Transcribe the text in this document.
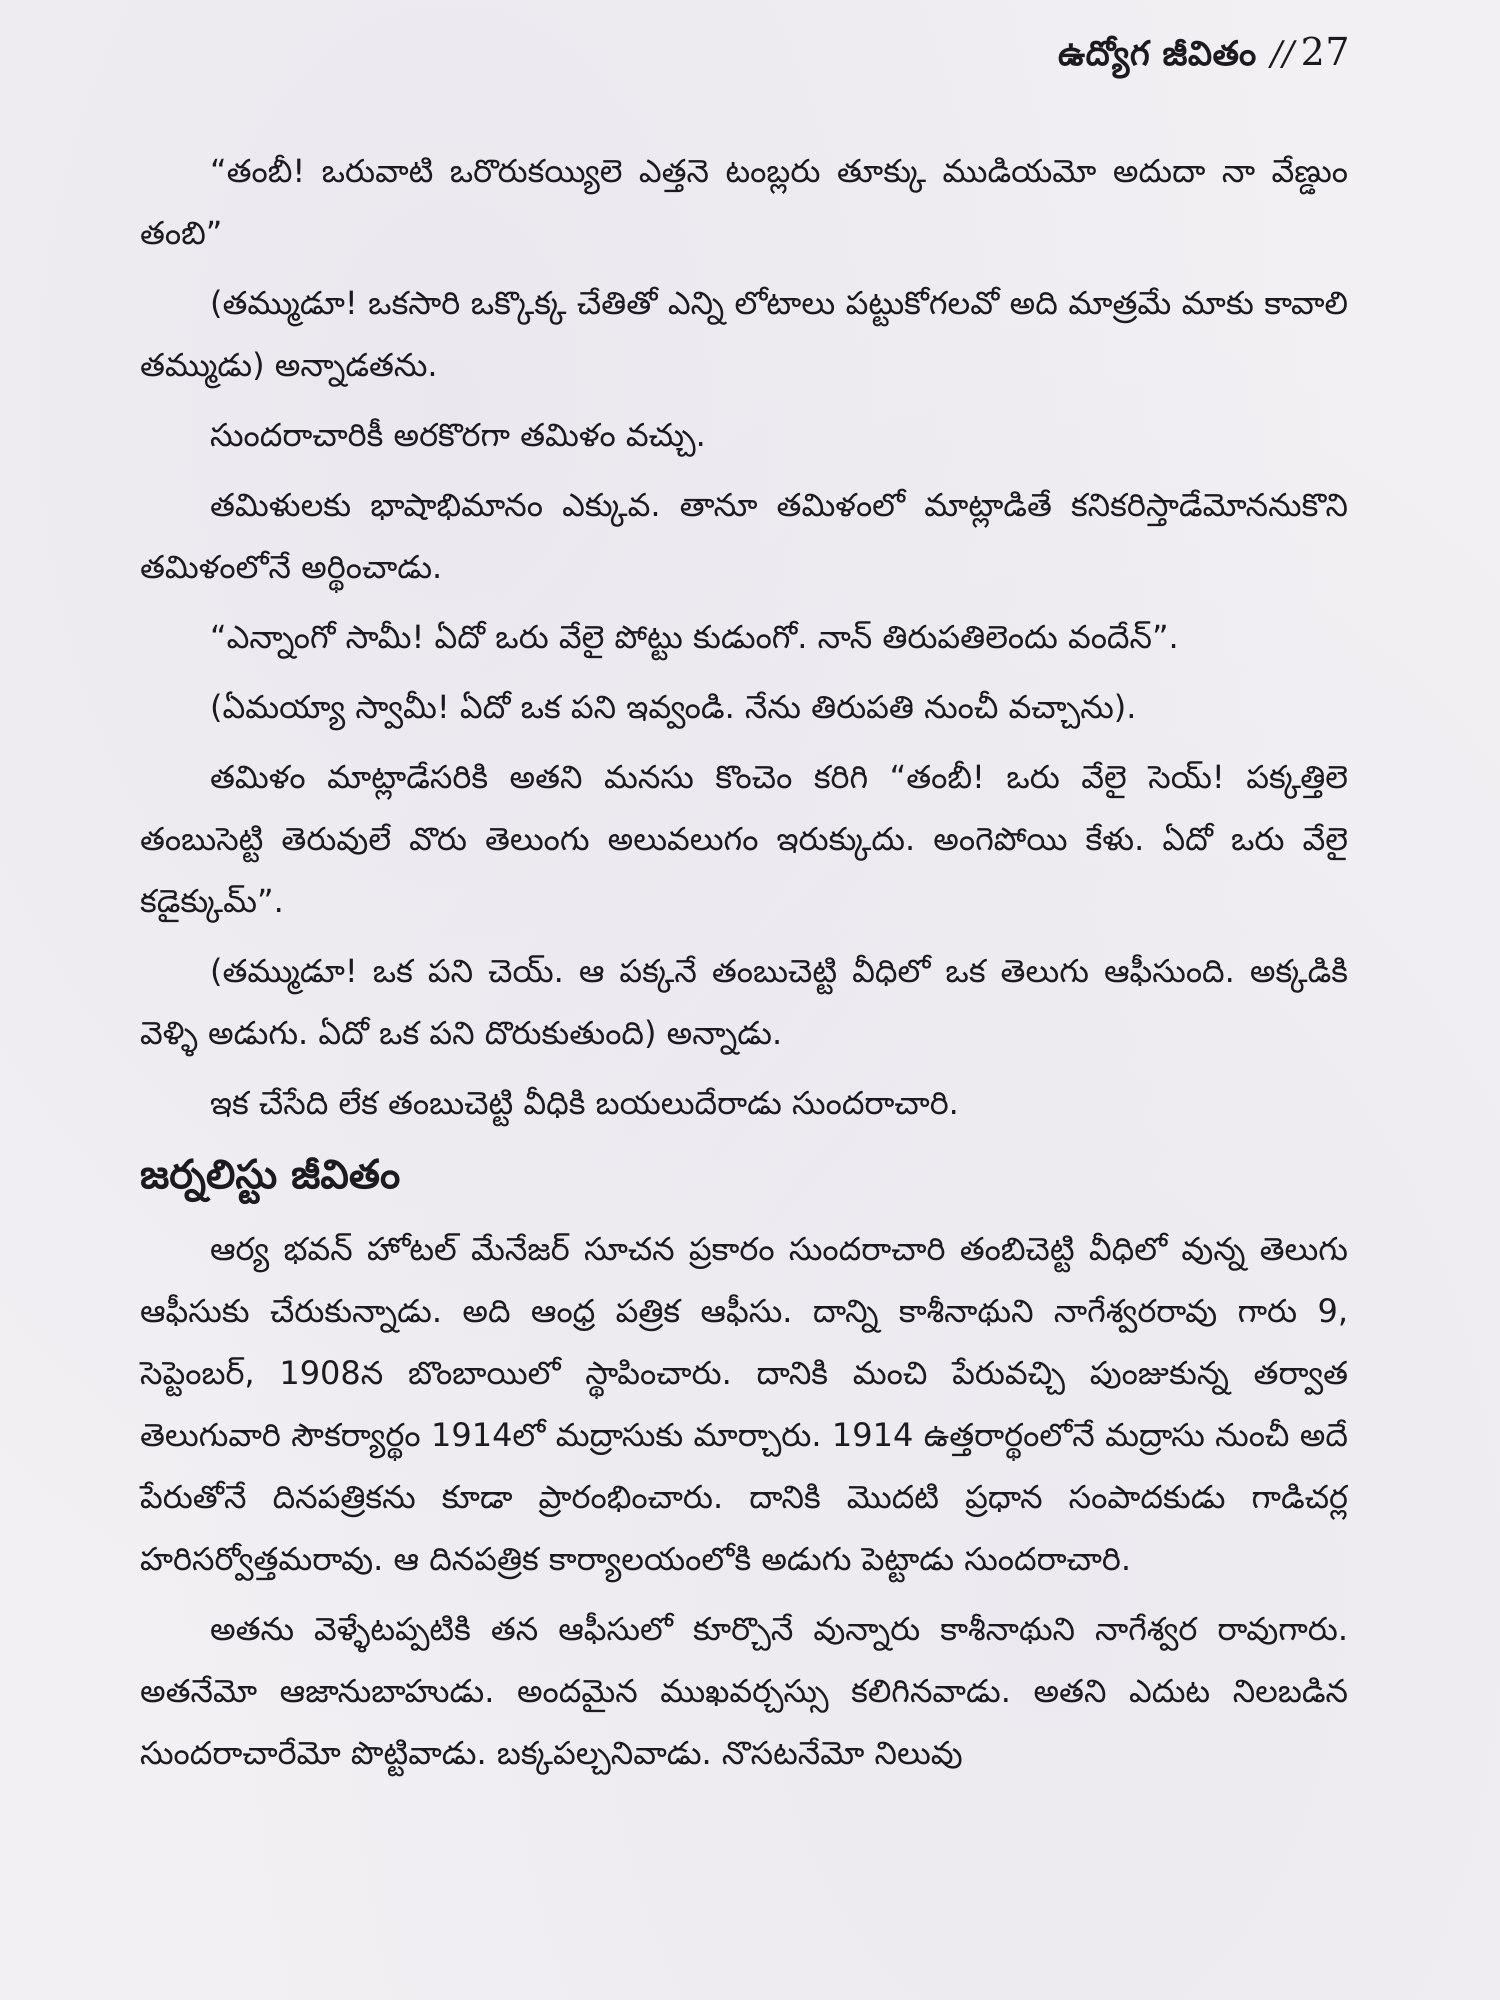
ఉద్యోగ జీవితం // 27

“తంబీ! ఒరువాటి ఒరొరుకయ్యిలె ఎత్తనె టంబ్లరు తూక్కు ముడియమో అదుదా నా వేణ్డుం తంబి”

(తమ్ముడూ! ఒకసారి ఒక్కొక్క చేతితో ఎన్ని లోటాలు పట్టుకోగలవో అది మాత్రమే మాకు కావాలి తమ్ముడు) అన్నాడతను.

సుందరాచారికీ అరకొరగా తమిళం వచ్చు.

తమిళులకు భాషాభిమానం ఎక్కువ. తానూ తమిళంలో మాట్లాడితే కనికరిస్తాడేమోననుకొని తమిళంలోనే అర్థించాడు.

“ఎన్నాంగో సామీ! ఏదో ఒరు వేలై పోట్టు కుడుంగో. నాన్ తిరుపతిలెందు వందేన్”.

(ఏమయ్యా స్వామీ! ఏదో ఒక పని ఇవ్వండి. నేను తిరుపతి నుంచీ వచ్చాను).

తమిళం మాట్లాడేసరికి అతని మనసు కొంచెం కరిగి “తంబీ! ఒరు వేలై సెయ్! పక్కత్తిలె తంబుసెట్టి తెరువులే వొరు తెలుంగు అలువలుగం ఇరుక్కుదు. అంగెపోయి కేళు. ఏదో ఒరు వేలై కడైక్కుమ్”.

(తమ్ముడూ! ఒక పని చెయ్. ఆ పక్కనే తంబుచెట్టి వీధిలో ఒక తెలుగు ఆఫీసుంది. అక్కడికి వెళ్ళి అడుగు. ఏదో ఒక పని దొరుకుతుంది) అన్నాడు.

ఇక చేసేది లేక తంబుచెట్టి వీధికి బయలుదేరాడు సుందరాచారి.

జర్నలిస్టు జీవితం

ఆర్య భవన్ హోటల్ మేనేజర్ సూచన ప్రకారం సుందరాచారి తంబిచెట్టి వీధిలో వున్న తెలుగు ఆఫీసుకు చేరుకున్నాడు. అది ఆంధ్ర పత్రిక ఆఫీసు. దాన్ని కాశీనాథుని నాగేశ్వరరావు గారు 9, సెప్టెంబర్, 1908న బొంబాయిలో స్థాపించారు. దానికి మంచి పేరువచ్చి పుంజుకున్న తర్వాత తెలుగువారి సౌకర్యార్థం 1914లో మద్రాసుకు మార్చారు. 1914 ఉత్తరార్థంలోనే మద్రాసు నుంచీ అదే పేరుతోనే దినపత్రికను కూడా ప్రారంభించారు. దానికి మొదటి ప్రధాన సంపాదకుడు గాడిచర్ల హరిసర్వోత్తమరావు. ఆ దినపత్రిక కార్యాలయంలోకి అడుగు పెట్టాడు సుందరాచారి.

అతను వెళ్ళేటప్పటికి తన ఆఫీసులో కూర్చొనే వున్నారు కాశీనాథుని నాగేశ్వర రావుగారు. అతనేమో ఆజానుబాహుడు. అందమైన ముఖవర్చస్సు కలిగినవాడు. అతని ఎదుట నిలబడిన సుందరాచారేమో పొట్టివాడు. బక్కపల్చనివాడు. నొసటనేమో నిలువు
